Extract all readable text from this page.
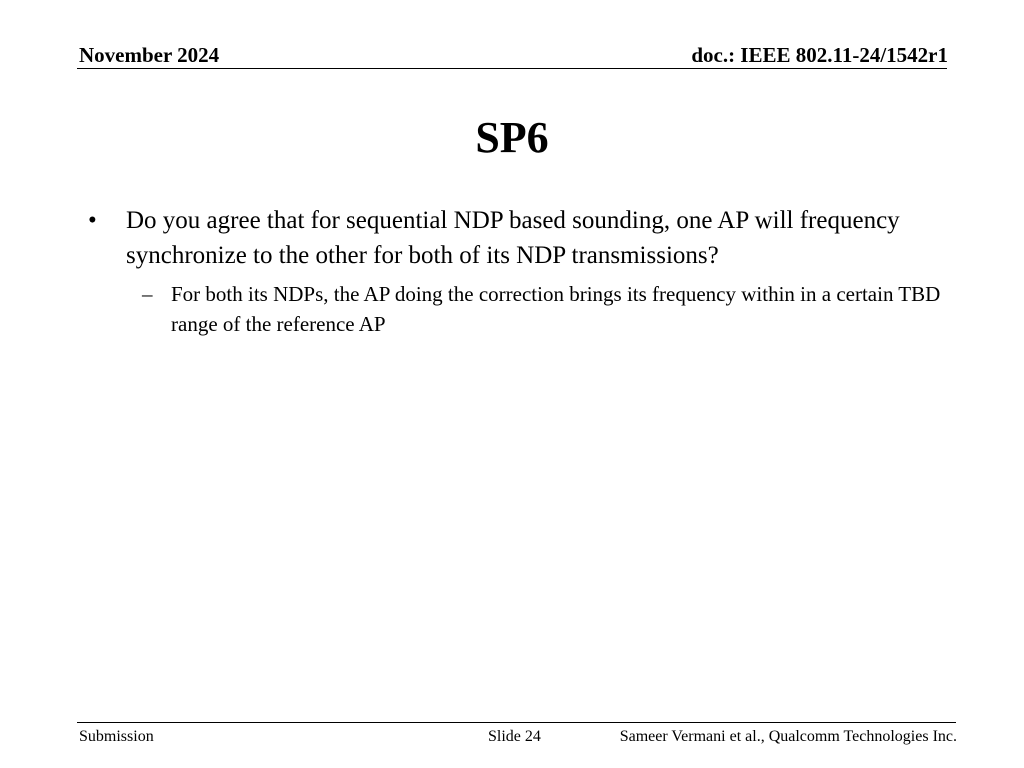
November 2024	doc.: IEEE 802.11-24/1542r1
SP6
• Do you agree that for sequential NDP based sounding, one AP will frequency synchronize to the other for both of its NDP transmissions?
– For both its NDPs, the AP doing the correction brings its frequency within in a certain TBD range of the reference AP
Submission	Slide 24	Sameer Vermani et al., Qualcomm Technologies Inc.
